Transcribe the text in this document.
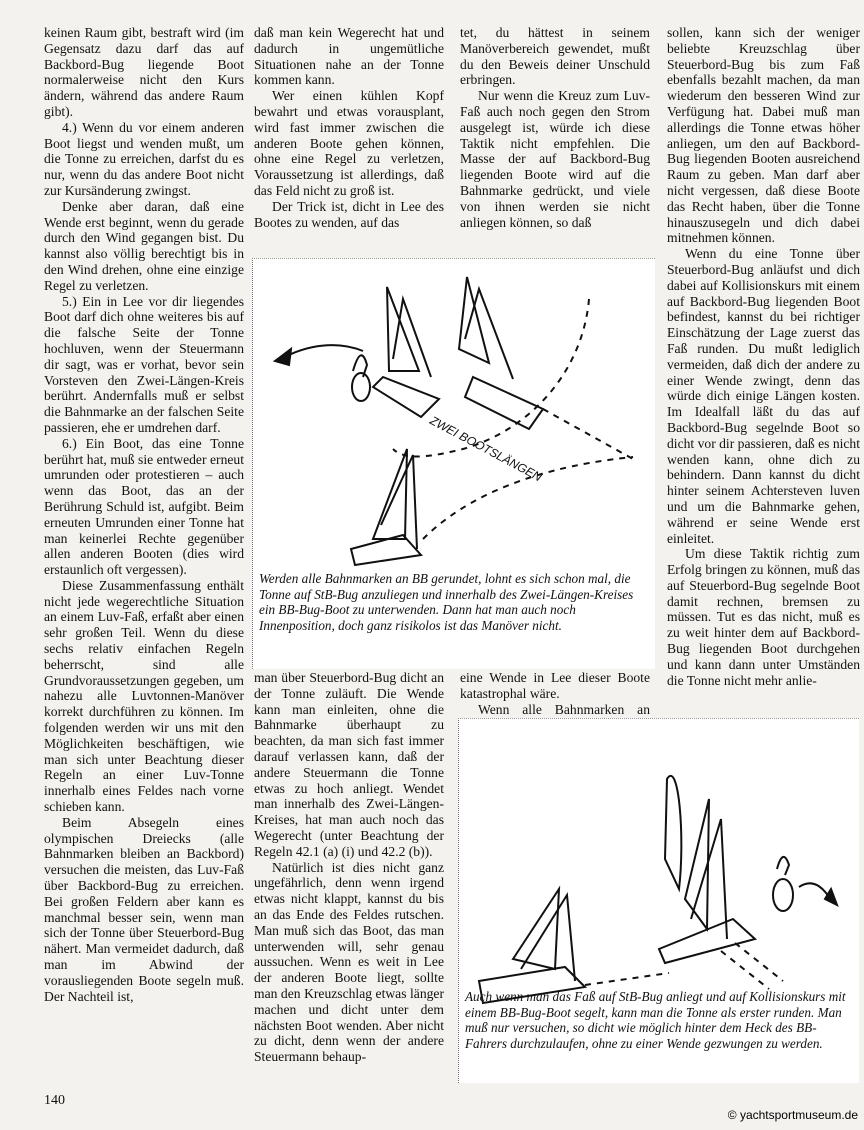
keinen Raum gibt, bestraft wird (im Gegensatz dazu darf das auf Backbord-Bug liegende Boot normalerweise nicht den Kurs ändern, während das andere Raum gibt).

4.) Wenn du vor einem anderen Boot liegst und wenden mußt, um die Tonne zu erreichen, darfst du es nur, wenn du das andere Boot nicht zur Kursänderung zwingst.

Denke aber daran, daß eine Wende erst beginnt, wenn du gerade durch den Wind gegangen bist. Du kannst also völlig berechtigt bis in den Wind drehen, ohne eine einzige Regel zu verletzen.

5.) Ein in Lee vor dir liegendes Boot darf dich ohne weiteres bis auf die falsche Seite der Tonne hochluven, wenn der Steuermann dir sagt, was er vorhat, bevor sein Vorsteven den Zwei-Längen-Kreis berührt. Andernfalls muß er selbst die Bahnmarke an der falschen Seite passieren, ehe er umdrehen darf.

6.) Ein Boot, das eine Tonne berührt hat, muß sie entweder erneut umrunden oder protestieren – auch wenn das Boot, das an der Berührung Schuld ist, aufgibt. Beim erneuten Umrunden einer Tonne hat man keinerlei Rechte gegenüber allen anderen Booten (dies wird erstaunlich oft vergessen).

Diese Zusammenfassung enthält nicht jede wegerechtliche Situation an einem Luv-Faß, erfaßt aber einen sehr großen Teil. Wenn du diese sechs relativ einfachen Regeln beherrscht, sind alle Grundvoraussetzungen gegeben, um nahezu alle Luvtonnen-Manöver korrekt durchführen zu können. Im folgenden werden wir uns mit den Möglichkeiten beschäftigen, wie man sich unter Beachtung dieser Regeln an einer Luv-Tonne innerhalb eines Feldes nach vorne schieben kann.

Beim Absegeln eines olympischen Dreiecks (alle Bahnmarken bleiben an Backbord) versuchen die meisten, das Luv-Faß über Backbord-Bug zu erreichen. Bei großen Feldern aber kann es manchmal besser sein, wenn man sich der Tonne über Steuerbord-Bug nähert. Man vermeidet dadurch, daß man im Abwind der vorausliegenden Boote segeln muß. Der Nachteil ist,

daß man kein Wegerecht hat und dadurch in ungemütliche Situationen nahe an der Tonne kommen kann.

Wer einen kühlen Kopf bewahrt und etwas vorausplant, wird fast immer zwischen die anderen Boote gehen können, ohne eine Regel zu verletzen, Voraussetzung ist allerdings, daß das Feld nicht zu groß ist.

Der Trick ist, dicht in Lee des Bootes zu wenden, auf das

tet, du hättest in seinem Manöverbereich gewendet, mußt du den Beweis deiner Unschuld erbringen.

Nur wenn die Kreuz zum Luv-Faß auch noch gegen den Strom ausgelegt ist, würde ich diese Taktik nicht empfehlen. Die Masse der auf Backbord-Bug liegenden Boote wird auf die Bahnmarke gedrückt, und viele von ihnen werden sie nicht anliegen können, so daß

sollen, kann sich der weniger beliebte Kreuzschlag über Steuerbord-Bug bis zum Faß ebenfalls bezahlt machen, da man wiederum den besseren Wind zur Verfügung hat. Dabei muß man allerdings die Tonne etwas höher anliegen, um den auf Backbord-Bug liegenden Booten ausreichend Raum zu geben. Man darf aber nicht vergessen, daß diese Boote das Recht haben, über die Tonne hinauszusegeln und dich dabei mitnehmen können.

Wenn du eine Tonne über Steuerbord-Bug anläufst und dich dabei auf Kollisionskurs mit einem auf Backbord-Bug liegenden Boot befindest, kannst du bei richtiger Einschätzung der Lage zuerst das Faß runden. Du mußt lediglich vermeiden, daß dich der andere zu einer Wende zwingt, denn das würde dich einige Längen kosten. Im Idealfall läßt du das auf Backbord-Bug segelnde Boot so dicht vor dir passieren, daß es nicht wenden kann, ohne dich zu behindern. Dann kannst du dicht hinter seinem Achtersteven luven und um die Bahnmarke gehen, während er seine Wende erst einleitet.

Um diese Taktik richtig zum Erfolg bringen zu können, muß das auf Steuerbord-Bug segelnde Boot damit rechnen, bremsen zu müssen. Tut es das nicht, muß es zu weit hinter dem auf Backbord-Bug liegenden Boot durchgehen und kann dann unter Umständen die Tonne nicht mehr anlie-

ZWEI BOOTSLÄNGEN
Werden alle Bahnmarken an BB gerundet, lohnt es sich schon mal, die Tonne auf StB-Bug anzuliegen und innerhalb des Zwei-Längen-Kreises ein BB-Bug-Boot zu unterwenden. Dann hat man auch noch Innenposition, doch ganz risikolos ist das Manöver nicht.

man über Steuerbord-Bug dicht an der Tonne zuläuft. Die Wende kann man einleiten, ohne die Bahnmarke überhaupt zu beachten, da man sich fast immer darauf verlassen kann, daß der andere Steuermann die Tonne etwas zu hoch anliegt. Wendet man innerhalb des Zwei-Längen-Kreises, hat man auch noch das Wegerecht (unter Beachtung der Regeln 42.1 (a) (i) und 42.2 (b)).

Natürlich ist dies nicht ganz ungefährlich, denn wenn irgend etwas nicht klappt, kannst du bis an das Ende des Feldes rutschen. Man muß sich das Boot, das man unterwenden will, sehr genau aussuchen. Wenn es weit in Lee der anderen Boote liegt, sollte man den Kreuzschlag etwas länger machen und dicht unter dem nächsten Boot wenden. Aber nicht zu dicht, denn wenn der andere Steuermann behaup-

eine Wende in Lee dieser Boote katastrophal wäre.

Wenn alle Bahnmarken an

Auch wenn man das Faß auf StB-Bug anliegt und auf Kollisionskurs mit einem BB-Bug-Boot segelt, kann man die Tonne als erster runden. Man muß nur versuchen, so dicht wie möglich hinter dem Heck des BB-Fahrers durchzulaufen, ohne zu einer Wende gezwungen zu werden.
140
© yachtsportmuseum.de
